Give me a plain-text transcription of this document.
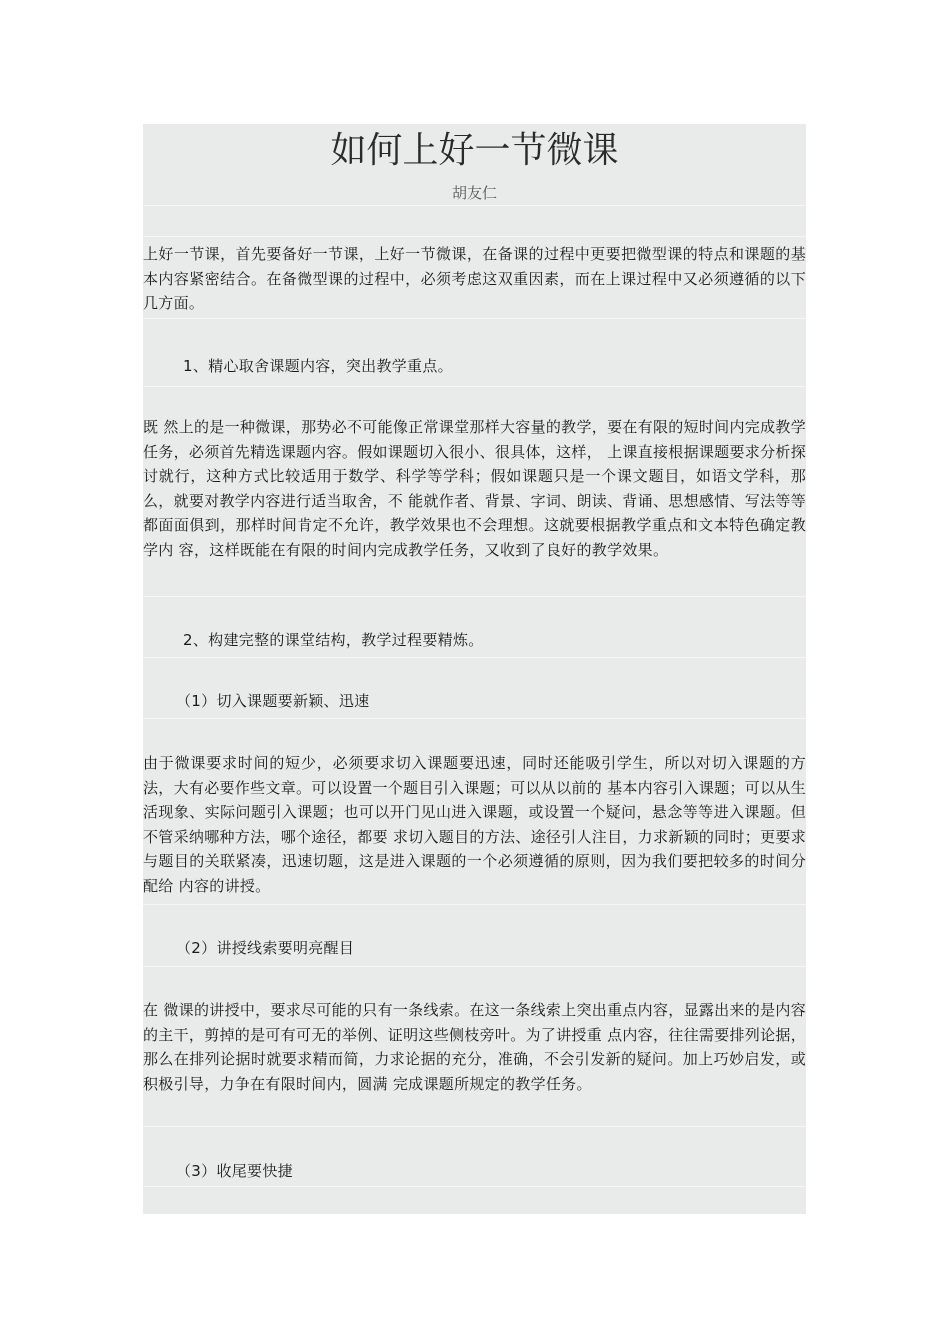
如何上好一节微课
胡友仁

上好一节课，首先要备好一节课，上好一节微课，在备课的过程中更要把微型课的特点和课题的基本内容紧密结合。在备微型课的过程中，必须考虑这双重因素，而在上课过程中又必须遵循的以下几方面。

1、精心取舍课题内容，突出教学重点。

既 然上的是一种微课，那势必不可能像正常课堂那样大容量的教学，要在有限的短时间内完成教学任务，必须首先精选课题内容。假如课题切入很小、很具体，这样， 上课直接根据课题要求分析探讨就行，这种方式比较适用于数学、科学等学科；假如课题只是一个课文题目，如语文学科，那么，就要对教学内容进行适当取舍，不 能就作者、背景、字词、朗读、背诵、思想感情、写法等等都面面俱到，那样时间肯定不允许，教学效果也不会理想。这就要根据教学重点和文本特色确定教学内 容，这样既能在有限的时间内完成教学任务，又收到了良好的教学效果。

2、构建完整的课堂结构，教学过程要精炼。

（1）切入课题要新颖、迅速

由于微课要求时间的短少，必须要求切入课题要迅速，同时还能吸引学生，所以对切入课题的方法，大有必要作些文章。可以设置一个题目引入课题；可以从以前的 基本内容引入课题；可以从生活现象、实际问题引入课题；也可以开门见山进入课题，或设置一个疑问，悬念等等进入课题。但不管采纳哪种方法，哪个途径，都要 求切入题目的方法、途径引人注目，力求新颖的同时；更要求与题目的关联紧凑，迅速切题，这是进入课题的一个必须遵循的原则，因为我们要把较多的时间分配给 内容的讲授。

（2）讲授线索要明亮醒目

在 微课的讲授中，要求尽可能的只有一条线索。在这一条线索上突出重点内容，显露出来的是内容的主干，剪掉的是可有可无的举例、证明这些侧枝旁叶。为了讲授重 点内容，往往需要排列论据，那么在排列论据时就要求精而简，力求论据的充分，准确，不会引发新的疑问。加上巧妙启发，或积极引导，力争在有限时间内，圆满 完成课题所规定的教学任务。

（3）收尾要快捷
